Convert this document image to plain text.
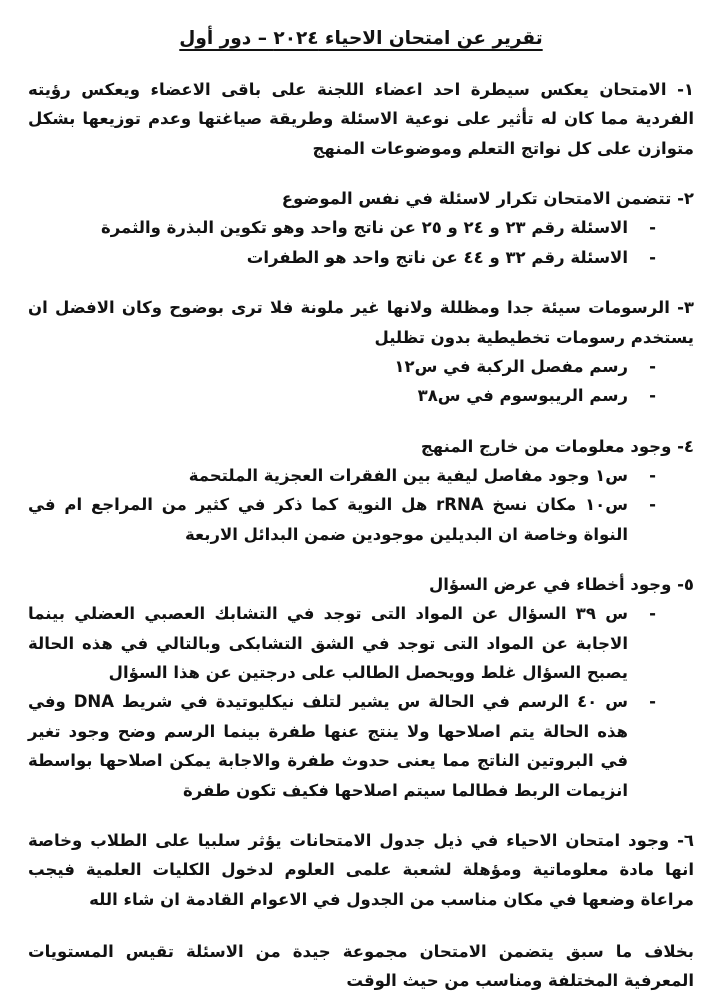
تقرير عن امتحان الاحياء ٢٠٢٤ – دور أول

١- الامتحان يعكس سيطرة احد اعضاء اللجنة على باقى الاعضاء ويعكس رؤيته الفردية مما كان له تأثير على نوعية الاسئلة وطريقة صياغتها وعدم توزيعها بشكل متوازن على كل نواتج التعلم وموضوعات المنهج

٢- تتضمن الامتحان تكرار لاسئلة في نفس الموضوع

-
الاسئلة رقم ٢٣ و ٢٤ و ٢٥ عن ناتج واحد وهو تكوين البذرة والثمرة
-
الاسئلة رقم ٣٢ و ٤٤ عن ناتج واحد هو الطفرات

٣- الرسومات سيئة جدا ومظللة ولانها غير ملونة فلا ترى بوضوح وكان الافضل ان يستخدم رسومات تخطيطية بدون تظليل

-
رسم مفصل الركبة في س١٢
-
رسم الريبوسوم في س٣٨

٤- وجود معلومات من خارج المنهج

-
س١ وجود مفاصل ليفية بين الفقرات العجزية الملتحمة
-
س١٠ مكان نسخ rRNA هل النوية كما ذكر في كثير من المراجع ام في النواة وخاصة ان البديلين موجودين ضمن البدائل الاربعة

٥- وجود أخطاء في عرض السؤال

-
س ٣٩ السؤال عن المواد التى توجد في التشابك العصبي العضلي بينما الاجابة عن المواد التى توجد في الشق التشابكى وبالتالي في هذه الحالة يصبح السؤال غلط وويحصل الطالب على درجتين عن هذا السؤال
-
س ٤٠ الرسم في الحالة س يشير لتلف نيكليوتيدة في شريط DNA وفي هذه الحالة يتم اصلاحها ولا ينتج عنها طفرة بينما الرسم وضح وجود تغير في البروتين الناتج مما يعنى حدوث طفرة والاجابة يمكن اصلاحها بواسطة انزيمات الربط فطالما سيتم اصلاحها فكيف تكون طفرة

٦- وجود امتحان الاحياء في ذيل جدول الامتحانات يؤثر سلبيا على الطلاب وخاصة انها مادة معلوماتية ومؤهلة لشعبة علمى العلوم لدخول الكليات العلمية فيجب مراعاة وضعها في مكان مناسب من الجدول في الاعوام القادمة ان شاء الله

بخلاف ما سبق يتضمن الامتحان مجموعة جيدة من الاسئلة تقيس المستويات المعرفية المختلفة ومناسب من حيث الوقت
